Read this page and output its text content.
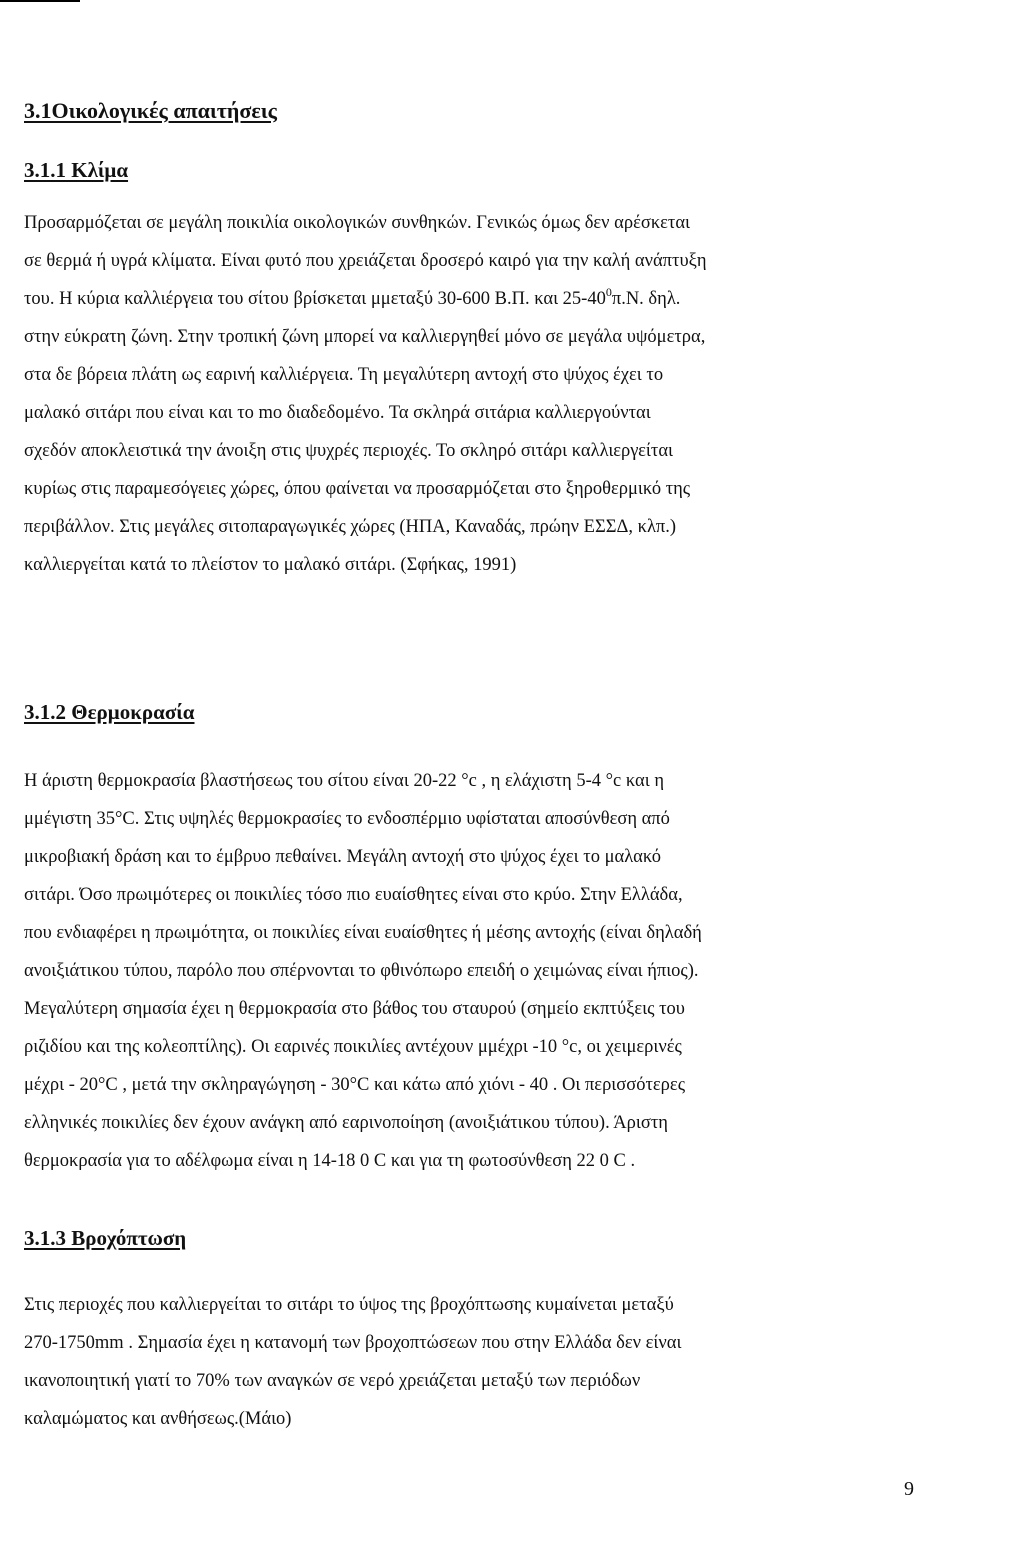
3.1Οικολογικές απαιτήσεις
3.1.1 Κλίμα
Προσαρμόζεται σε μεγάλη ποικιλία οικολογικών συνθηκών. Γενικώς όμως δεν αρέσκεται
σε θερμά ή υγρά κλίματα. Είναι φυτό που χρειάζεται δροσερό καιρό για την καλή ανάπτυξη
του. Η κύρια καλλιέργεια του σίτου βρίσκεται μμεταξύ 30-600 Β.Π. και $25-40^0\pi.N$. δηλ.
στην εύκρατη ζώνη. Στην τροπική ζώνη μπορεί να καλλιεργηθεί μόνο σε μεγάλα υψόμετρα,
στα δε βόρεια πλάτη ως εαρινή καλλιέργεια. Τη μεγαλύτερη αντοχή στο ψύχος έχει το
μαλακό σιτάρι που είναι και το mo διαδεδομένο. Τα σκληρά σιτάρια καλλιεργούνται
σχεδόν αποκλειστικά την άνοιξη στις ψυχρές περιοχές. Το σκληρό σιτάρι καλλιεργείται
κυρίως στις παραμεσόγειες χώρες, όπου φαίνεται να προσαρμόζεται στο ξηροθερμικό της
περιβάλλον. Στις μεγάλες σιτοπαραγωγικές χώρες (ΗΠΑ, Καναδάς, πρώην ΕΣΣΔ, κλπ.)
καλλιεργείται κατά το πλείστον το μαλακό σιτάρι. (Σφήκας, 1991)
3.1.2 Θερμοκρασία
Η άριστη θερμοκρασία βλαστήσεως του σίτου είναι 20-22 °c , η ελάχιστη 5-4 °c και η
μμέγιστη 35°C. Στις υψηλές θερμοκρασίες το ενδοσπέρμιο υφίσταται αποσύνθεση από
μικροβιακή δράση και το έμβρυο πεθαίνει. Μεγάλη αντοχή στο ψύχος έχει το μαλακό
σιτάρι. Όσο πρωιμότερες οι ποικιλίες τόσο πιο ευαίσθητες είναι στο κρύο. Στην Ελλάδα,
που ενδιαφέρει η πρωιμότητα, οι ποικιλίες είναι ευαίσθητες ή μέσης αντοχής (είναι δηλαδή
ανοιξιάτικου τύπου, παρόλο που σπέρνονται το φθινόπωρο επειδή ο χειμώνας είναι ήπιος).
Μεγαλύτερη σημασία έχει η θερμοκρασία στο βάθος του σταυρού (σημείο εκπτύξεις του
ριζιδίου και της κολεοπτίλης). Οι εαρινές ποικιλίες αντέχουν μμέχρι -10 °c, οι χειμερινές
μέχρι - 20°C , μετά την σκληραγώγηση - 30°C και κάτω από χιόνι - 40 . Οι περισσότερες
ελληνικές ποικιλίες δεν έχουν ανάγκη από εαρινοποίηση (ανοιξιάτικου τύπου). Άριστη
θερμοκρασία για το αδέλφωμα είναι η 14-18 0 C και για τη φωτοσύνθεση 22 0 C .
3.1.3 Βροχόπτωση
Στις περιοχές που καλλιεργείται το σιτάρι το ύψος της βροχόπτωσης κυμαίνεται μεταξύ
270-1750mm . Σημασία έχει η κατανομή των βροχοπτώσεων που στην Ελλάδα δεν είναι
ικανοποιητική γιατί το 70% των αναγκών σε νερό χρειάζεται μεταξύ των περιόδων
καλαμώματος και ανθήσεως.(Μάιο)
9
